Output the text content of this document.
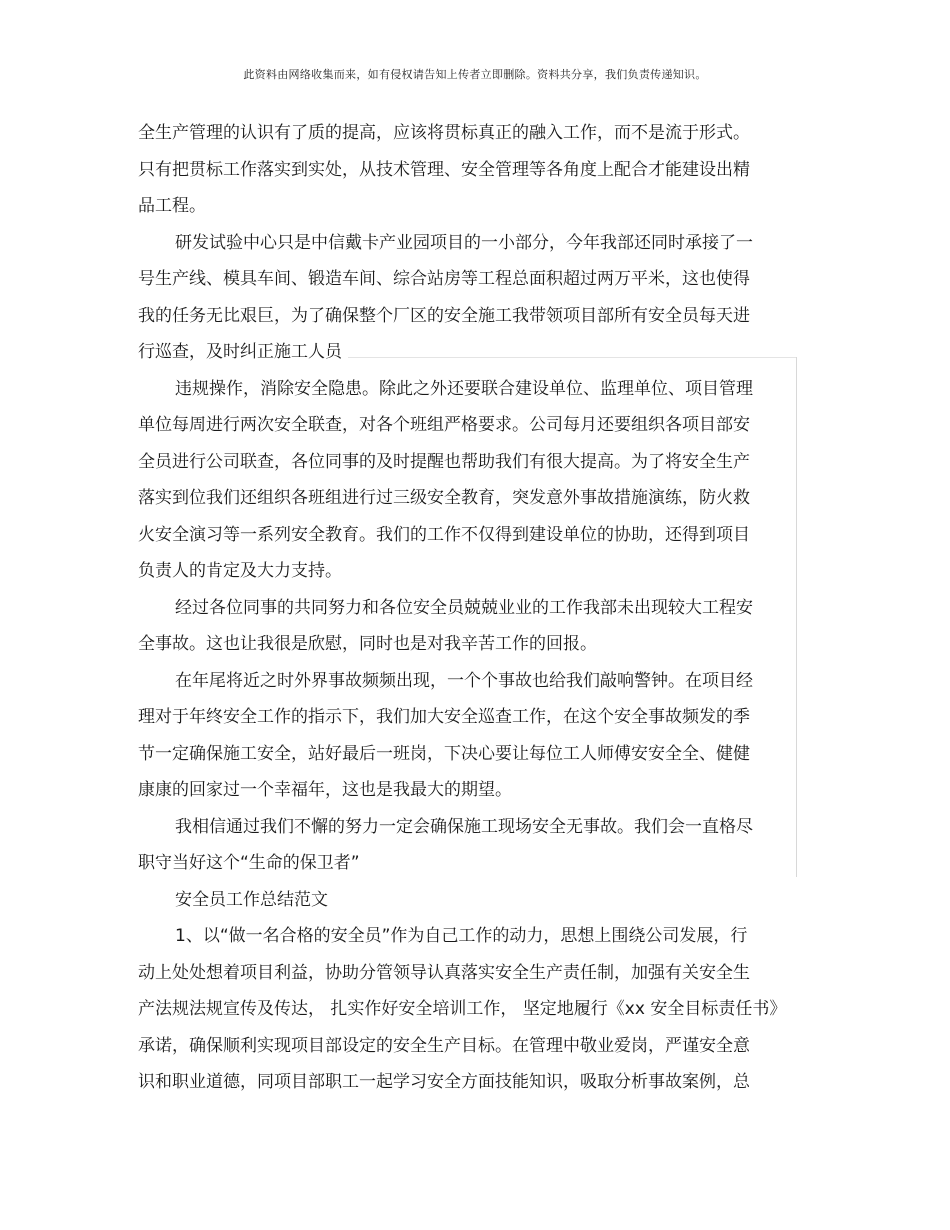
此资料由网络收集而来，如有侵权请告知上传者立即删除。资料共分享，我们负责传递知识。
全生产管理的认识有了质的提高，应该将贯标真正的融入工作，而不是流于形式。
只有把贯标工作落实到实处，从技术管理、安全管理等各角度上配合才能建设出精
品工程。
研发试验中心只是中信戴卡产业园项目的一小部分，今年我部还同时承接了一
号生产线、模具车间、锻造车间、综合站房等工程总面积超过两万平米，这也使得
我的任务无比艰巨，为了确保整个厂区的安全施工我带领项目部所有安全员每天进
行巡查，及时纠正施工人员
违规操作，消除安全隐患。除此之外还要联合建设单位、监理单位、项目管理
单位每周进行两次安全联查，对各个班组严格要求。公司每月还要组织各项目部安
全员进行公司联查，各位同事的及时提醒也帮助我们有很大提高。为了将安全生产
落实到位我们还组织各班组进行过三级安全教育，突发意外事故措施演练，防火救
火安全演习等一系列安全教育。我们的工作不仅得到建设单位的协助，还得到项目
负责人的肯定及大力支持。
经过各位同事的共同努力和各位安全员兢兢业业的工作我部未出现较大工程安
全事故。这也让我很是欣慰，同时也是对我辛苦工作的回报。
在年尾将近之时外界事故频频出现，一个个事故也给我们敲响警钟。在项目经
理对于年终安全工作的指示下，我们加大安全巡查工作，在这个安全事故频发的季
节一定确保施工安全，站好最后一班岗，下决心要让每位工人师傅安安全全、健健
康康的回家过一个幸福年，这也是我最大的期望。
我相信通过我们不懈的努力一定会确保施工现场安全无事故。我们会一直格尽
职守当好这个“生命的保卫者”
安全员工作总结范文
1、以“做一名合格的安全员”作为自己工作的动力，思想上围绕公司发展，行
动上处处想着项目利益，协助分管领导认真落实安全生产责任制，加强有关安全生
产法规法规宣传及传达， 扎实作好安全培训工作， 坚定地履行《xx 安全目标责任书》
承诺，确保顺利实现项目部设定的安全生产目标。在管理中敬业爱岗，严谨安全意
识和职业道德，同项目部职工一起学习安全方面技能知识，吸取分析事故案例，总
